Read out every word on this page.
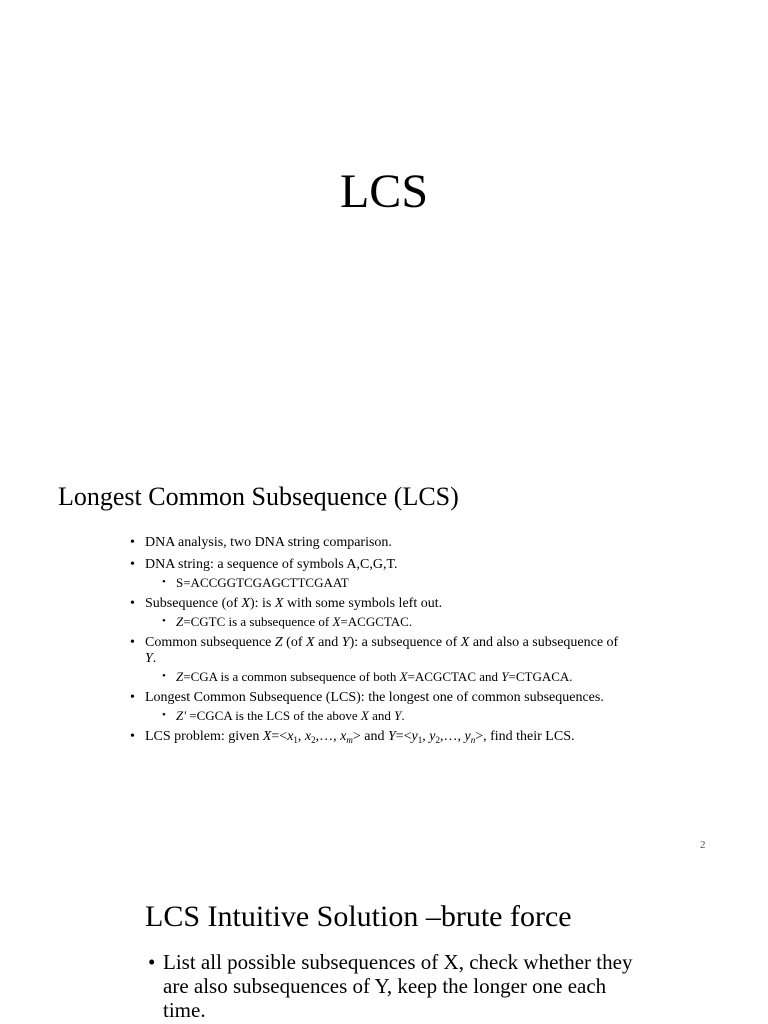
LCS
Longest Common Subsequence (LCS)
• DNA analysis, two DNA string comparison.
• DNA string: a sequence of symbols A,C,G,T.
• S=ACCGGTCGAGCTTCGAAT
• Subsequence (of X): is X with some symbols left out.
• Z=CGTC is a subsequence of X=ACGCTAC.
• Common subsequence Z (of X and Y): a subsequence of X and also a subsequence of Y.
• Z=CGA is a common subsequence of both X=ACGCTAC and Y=CTGACA.
• Longest Common Subsequence (LCS): the longest one of common subsequences.
• Z' =CGCA is the LCS of the above X and Y.
• LCS problem: given $X=<x_1$, $x_2,\dots$, $x_m>$ and $Y=<y_1$, $y_2,\dots$, $y_n>$, find their LCS.
2
LCS Intuitive Solution –brute force
• List all possible subsequences of X, check whether they are also subsequences of Y, keep the longer one each time.
